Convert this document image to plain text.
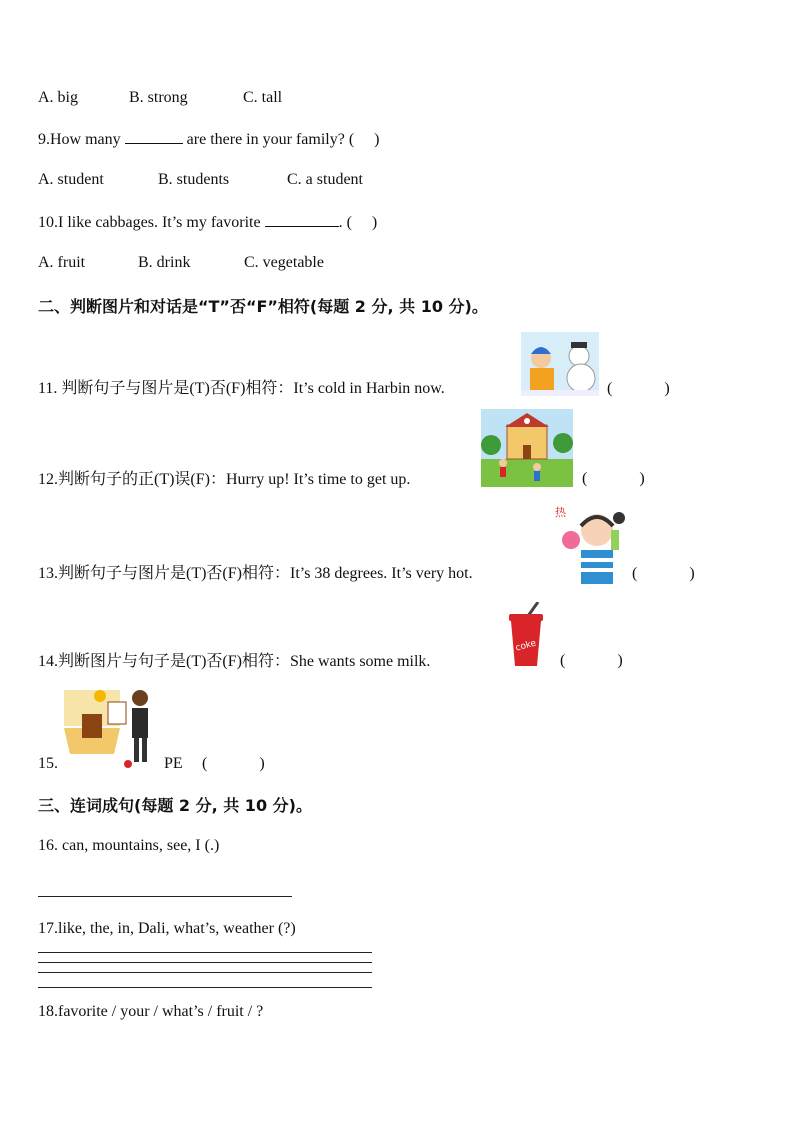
A. big	B. strong	C. tall
9.How many	are there in your family? (　 )
A. student	B. students	C. a student
10.I like cabbages. It’s my favorite	. (　 )
A. fruit	B. drink	C. vegetable
二、判断图片和对话是“T”否“F”相符(每题 2 分, 共 10 分)。
11. 判断句子与图片是(T)否(F)相符：It’s cold in Harbin now.	(　　　 )
12.判断句子的正(T)误(F)：Hurry up! It’s time to get up.	(　　　 )
13.判断句子与图片是(T)否(F)相符：It’s 38 degrees. It’s very hot.
热
(　　　 )
14.判断图片与句子是(T)否(F)相符：She wants some milk.
coke
(　　　 )
15.	PE (　　　 )
三、连词成句(每题 2 分, 共 10 分)。
16. can, mountains, see, I (.)
17.like, the, in, Dali, what’s, weather (?)
18.favorite / your / what’s / fruit / ?
